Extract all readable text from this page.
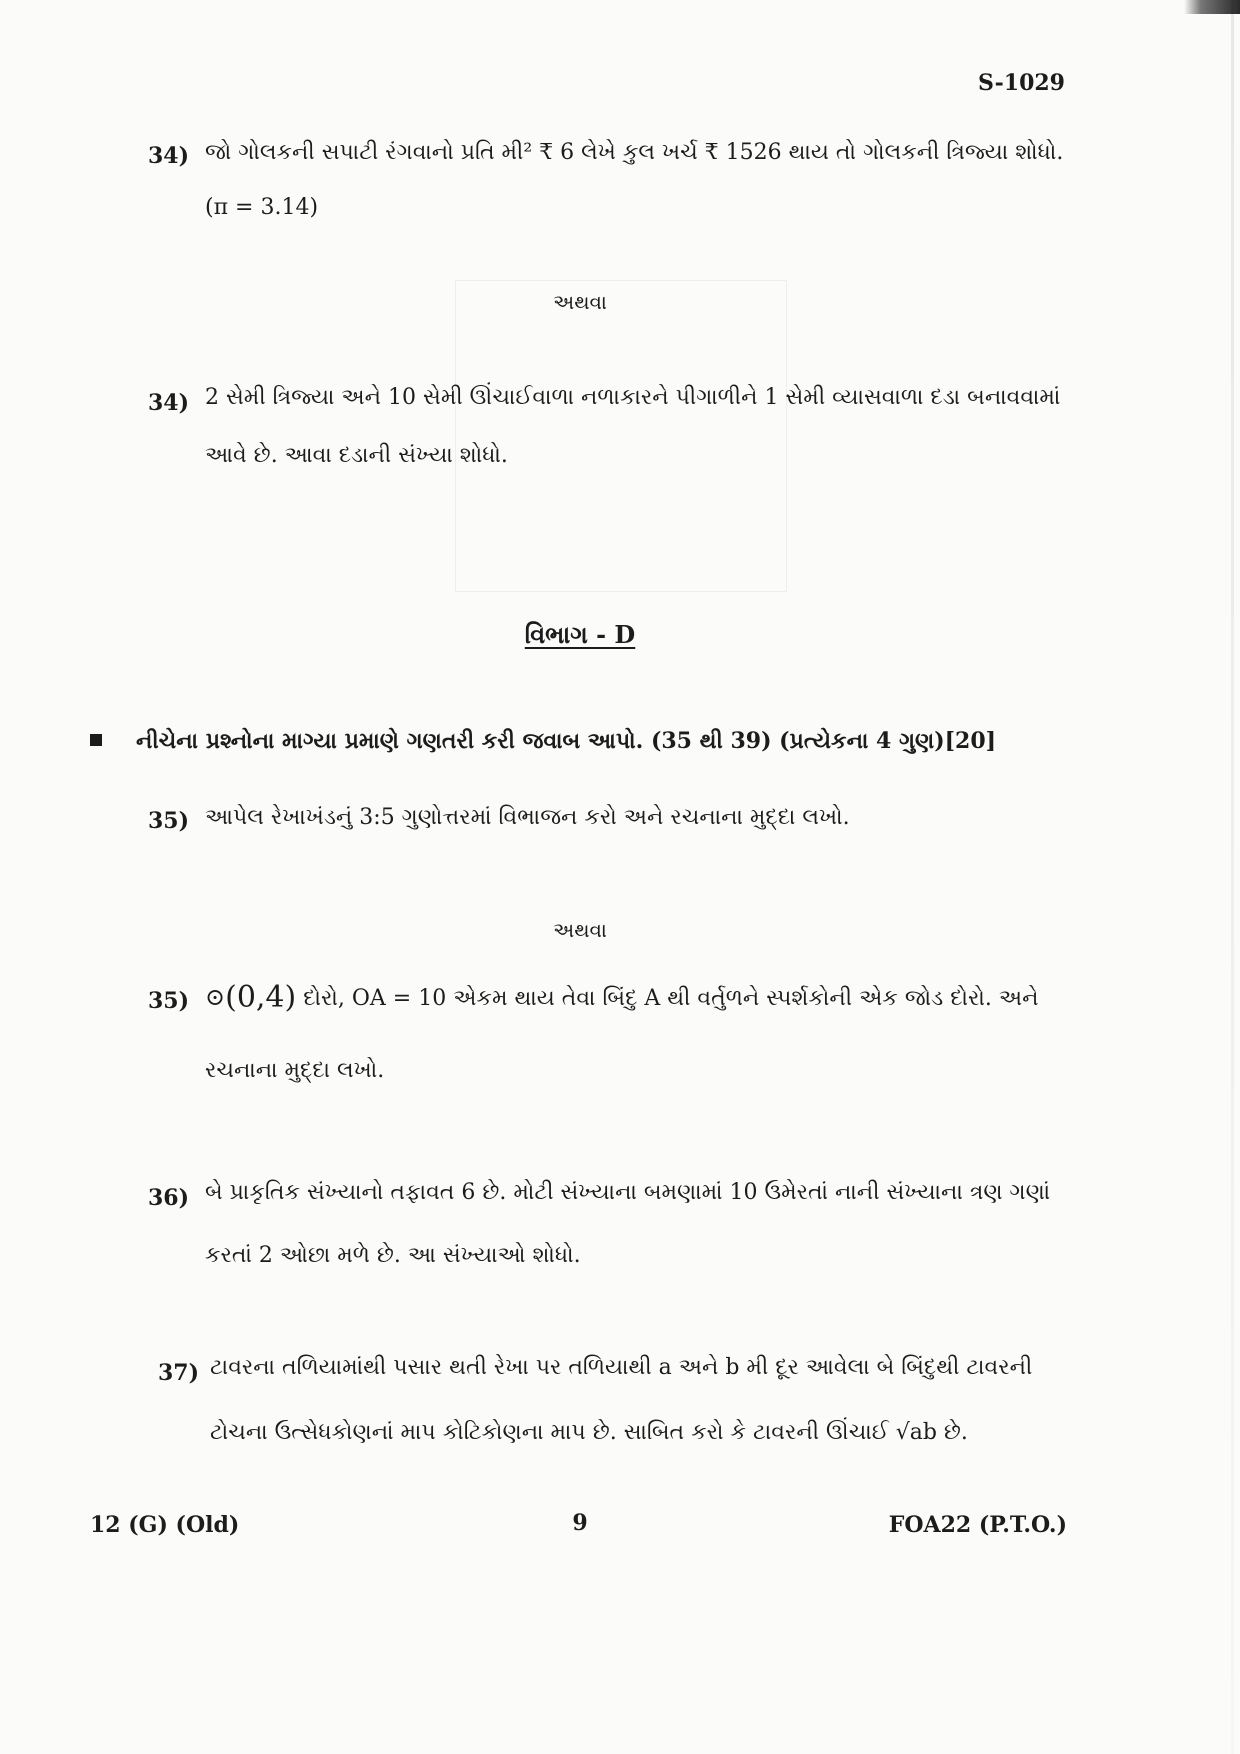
S-1029
34) જો ગોલકની સપાટી રંગવાનો પ્રતિ મી² ₹ 6 લેખે કુલ ખર્ચ ₹ 1526 થાય તો ગોલકની ત્રિજ્યા શોધો.
(π = 3.14)
અથવા
34) 2 સેમી ત્રિજ્યા અને 10 સેમી ઊંચાઈવાળા નળાકારને પીગાળીને 1 સેમી વ્યાસવાળા દડા બનાવવામાં
આવે છે. આવા દડાની સંખ્યા શોધો.
વિભાગ - D
નીચેના પ્રશ્નોના માગ્યા પ્રમાણે ગણતરી કરી જવાબ આપો. (35 થી 39) (પ્રત્યેકના 4 ગુણ)[20]
35) આપેલ રેખાખંડનું 3:5 ગુણોત્તરમાં વિભાજન કરો અને રચનાના મુદ્દા લખો.
અથવા
35) ⊙(0,4) દોરો, OA = 10 એકમ થાય તેવા બિંદુ A થી વર્તુળને સ્પર્શકોની એક જોડ દોરો. અને
રચનાના મુદ્દા લખો.
36) બે પ્રાકૃતિક સંખ્યાનો તફાવત 6 છે. મોટી સંખ્યાના બમણામાં 10 ઉમેરતાં નાની સંખ્યાના ત્રણ ગણાં
કરતાં 2 ઓછા મળે છે. આ સંખ્યાઓ શોધો.
37) ટાવરના તળિયામાંથી પસાર થતી રેખા પર તળિયાથી a અને b મી દૂર આવેલા બે બિંદુથી ટાવરની
ટોચના ઉત્સેધકોણનાં માપ કોટિકોણના માપ છે. સાબિત કરો કે ટાવરની ઊંચાઈ √ab છે.
12 (G) (Old)	9	FOA22 (P.T.O.)
